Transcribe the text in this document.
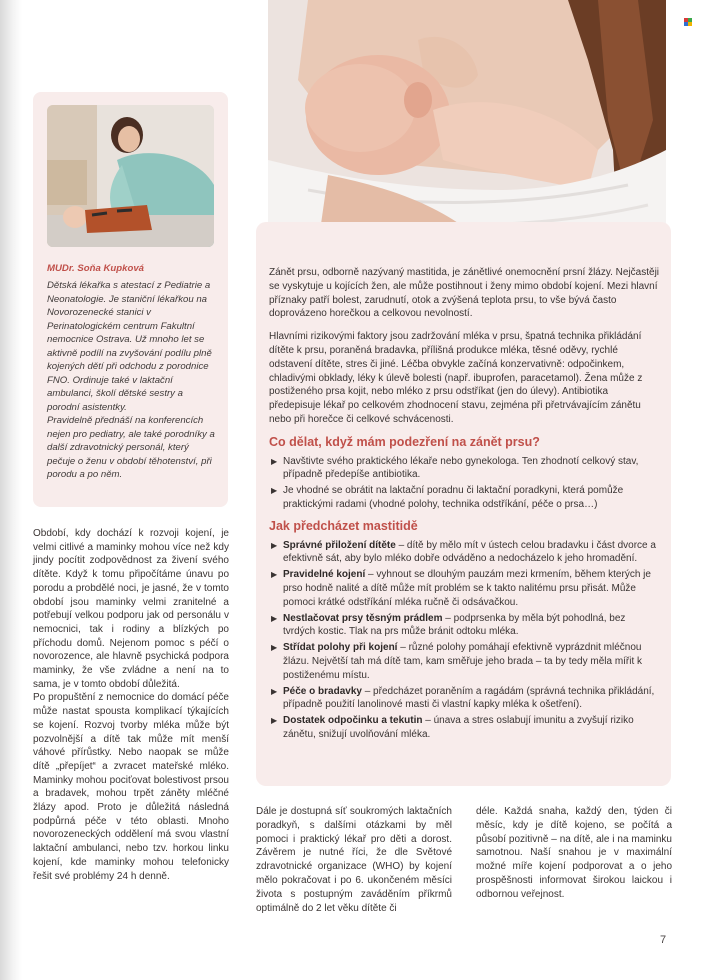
MUDr. Soňa Kupková

Dětská lékařka s atestací z Pediatrie a Neonatologie. Je staniční lékařkou na Novorozenecké stanici v Perinatologickém centrum Fakultní nemocnice Ostrava. Už mnoho let se aktivně podílí na zvyšování podílu plně kojených dětí při odchodu z porodnice FNO. Ordinuje také v laktační ambulanci, školí dětské sestry a porodní asistentky.

Pravidelně přednáší na konferencích nejen pro pediatry, ale také porodníky a další zdravotnický personál, který pečuje o ženu v období těhotenství, při porodu a po něm.

Období, kdy dochází k rozvoji kojení, je velmi citlivé a maminky mohou více než kdy jindy pocítit zodpovědnost za živení svého dítěte. Když k tomu připočítáme únavu po porodu a probdělé noci, je jasné, že v tomto období jsou maminky velmi zranitelné a potřebují velkou podporu jak od personálu v nemocnici, tak i rodiny a blízkých po příchodu domů. Nejenom pomoc s péčí o novorozence, ale hlavně psychická podpora maminky, že vše zvládne a není na to sama, je v tomto období důležitá.

Po propuštění z nemocnice do domácí péče může nastat spousta komplikací týkajících se kojení. Rozvoj tvorby mléka může být pozvolnější a dítě tak může mít menší váhové přírůstky. Nebo naopak se může dítě „přepíjet“ a zvracet mateřské mléko. Maminky mohou pociťovat bolestivost prsou a bradavek, mohou trpět záněty mléčné žlázy apod. Proto je důležitá následná podpůrná péče v této oblasti. Mnoho novorozeneckých oddělení má svou vlastní laktační ambulanci, nebo tzv. horkou linku kojení, kde maminky mohou telefonicky řešit své problémy 24 h denně.

Zánět prsu, odborně nazývaný mastitida, je zánětlivé onemocnění prsní žlázy. Nejčastěji se vyskytuje u kojících žen, ale může postihnout i ženy mimo období kojení. Mezi hlavní příznaky patří bolest, zarudnutí, otok a zvýšená teplota prsu, to vše bývá často doprovázeno horečkou a celkovou nevolností.

Hlavními rizikovými faktory jsou zadržování mléka v prsu, špatná technika přikládání dítěte k prsu, poraněná bradavka, přílišná produkce mléka, těsné oděvy, rychlé odstavení dítěte, stres či jiné. Léčba obvykle začíná konzervativně: odpočinkem, chladivými obklady, léky k úlevě bolesti (např. ibuprofen, paracetamol). Žena může z postiženého prsa kojit, nebo mléko z prsu odstříkat (jen do úlevy). Antibiotika předepisuje lékař po celkovém zhodnocení stavu, zejména při přetrvávajícím zánětu nebo při horečce či celkové schvácenosti.

Co dělat, když mám podezření na zánět prsu?
▶ Navštivte svého praktického lékaře nebo gynekologa. Ten zhodnotí celkový stav, případně předepíše antibiotika.
▶ Je vhodné se obrátit na laktační poradnu či laktační poradkyni, která pomůže praktickými radami (vhodné polohy, technika odstříkání, péče o prsa…)
Jak předcházet mastitidě
▶ Správné přiložení dítěte – dítě by mělo mít v ústech celou bradavku i část dvorce a efektivně sát, aby bylo mléko dobře odváděno a nedocházelo k jeho hromadění.
▶ Pravidelné kojení – vyhnout se dlouhým pauzám mezi krmením, během kterých je prso hodně nalité a dítě může mít problém se k takto nalitému prsu přisát. Může pomoci krátké odstříkání mléka ručně či odsávačkou.
▶ Nestlačovat prsy těsným prádlem – podprsenka by měla být pohodlná, bez tvrdých kostic. Tlak na prs může bránit odtoku mléka.
▶ Střídat polohy při kojení – různé polohy pomáhají efektivně vyprázdnit mléčnou žlázu. Největší tah má dítě tam, kam směřuje jeho brada – ta by tedy měla mířit k postiženému místu.
▶ Péče o bradavky – předcházet poraněním a ragádám (správná technika přikládání, případně použití lanolinové masti či vlastní kapky mléka k ošetření).
▶ Dostatek odpočinku a tekutin – únava a stres oslabují imunitu a zvyšují riziko zánětu, snižují uvolňování mléka.

Dále je dostupná síť soukromých laktačních poradkyň, s dalšími otázkami by měl pomoci i praktický lékař pro děti a dorost. Závěrem je nutné říci, že dle Světové zdravotnické organizace (WHO) by kojení mělo pokračovat i po 6. ukončeném měsíci života s postupným zaváděním příkrmů optimálně do 2 let věku dítěte či

déle. Každá snaha, každý den, týden či měsíc, kdy je dítě kojeno, se počítá a působí pozitivně – na dítě, ale i na maminku samotnou. Naší snahou je v maximální možné míře kojení podporovat a o jeho prospěšnosti informovat širokou laickou i odbornou veřejnost.

7
